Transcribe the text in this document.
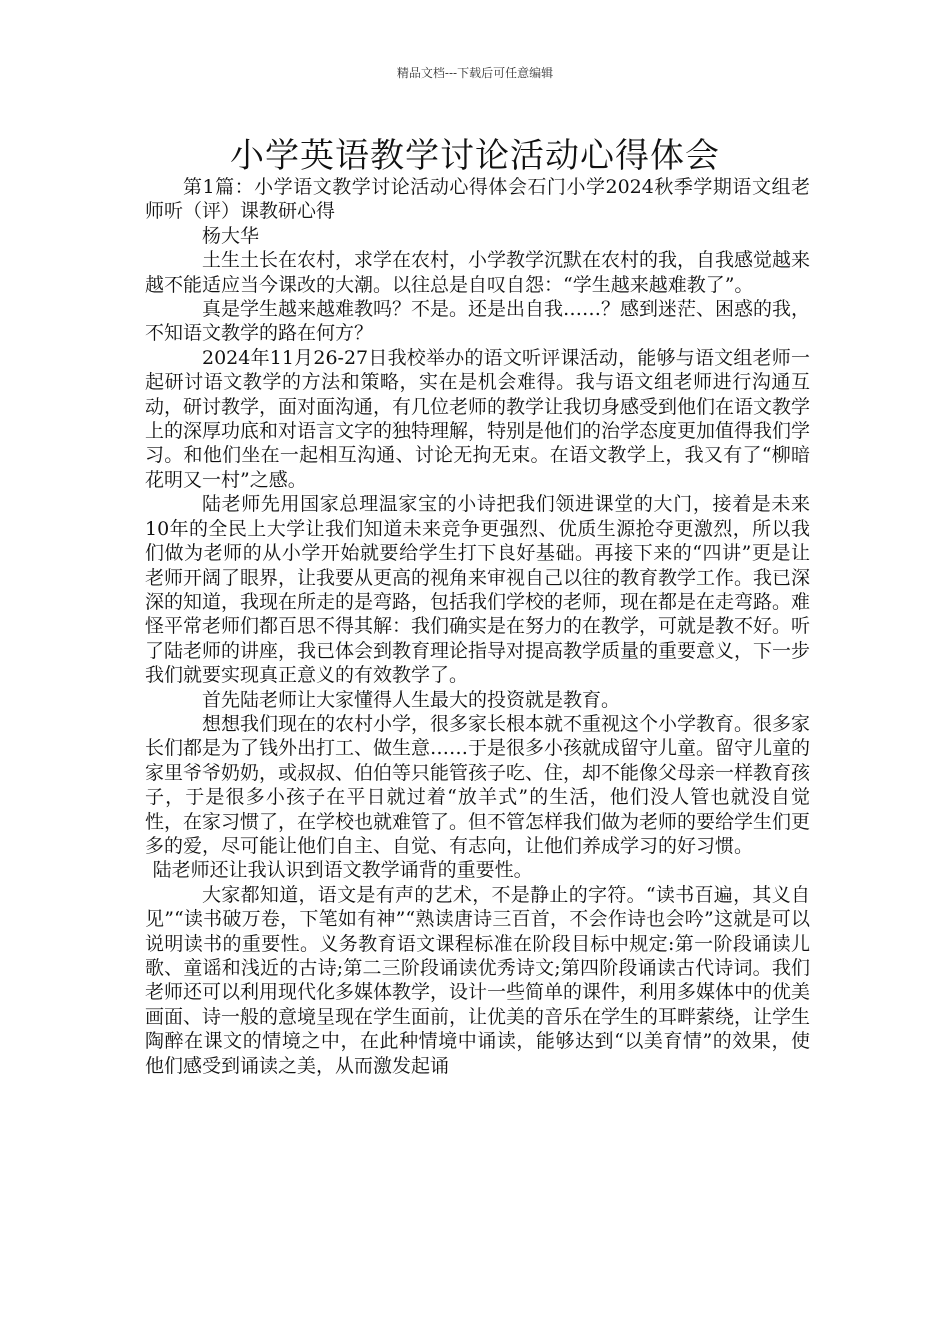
精品文档---下载后可任意编辑
小学英语教学讨论活动心得体会

第1篇：小学语文教学讨论活动心得体会石门小学2024秋季学期语文组老师听（评）课教研心得

杨大华

土生土长在农村，求学在农村，小学教学沉默在农村的我，自我感觉越来越不能适应当今课改的大潮。以往总是自叹自怨：“学生越来越难教了”。

真是学生越来越难教吗？不是。还是出自我……？感到迷茫、困惑的我，不知语文教学的路在何方？

2024年11月26-27日我校举办的语文听评课活动，能够与语文组老师一起研讨语文教学的方法和策略，实在是机会难得。我与语文组老师进行沟通互动，研讨教学，面对面沟通，有几位老师的教学让我切身感受到他们在语文教学上的深厚功底和对语言文字的独特理解，特别是他们的治学态度更加值得我们学习。和他们坐在一起相互沟通、讨论无拘无束。在语文教学上，我又有了“柳暗花明又一村”之感。

陆老师先用国家总理温家宝的小诗把我们领进课堂的大门，接着是未来10年的全民上大学让我们知道未来竞争更强烈、优质生源抢夺更激烈，所以我们做为老师的从小学开始就要给学生打下良好基础。再接下来的“四讲”更是让老师开阔了眼界，让我要从更高的视角来审视自己以往的教育教学工作。我已深深的知道，我现在所走的是弯路，包括我们学校的老师，现在都是在走弯路。难怪平常老师们都百思不得其解：我们确实是在努力的在教学，可就是教不好。听了陆老师的讲座，我已体会到教育理论指导对提高教学质量的重要意义，下一步我们就要实现真正意义的有效教学了。

首先陆老师让大家懂得人生最大的投资就是教育。

想想我们现在的农村小学，很多家长根本就不重视这个小学教育。很多家长们都是为了钱外出打工、做生意……于是很多小孩就成留守儿童。留守儿童的家里爷爷奶奶，或叔叔、伯伯等只能管孩子吃、住，却不能像父母亲一样教育孩子，于是很多小孩子在平日就过着“放羊式”的生活，他们没人管也就没自觉性，在家习惯了，在学校也就难管了。但不管怎样我们做为老师的要给学生们更多的爱，尽可能让他们自主、自觉、有志向，让他们养成学习的好习惯。

陆老师还让我认识到语文教学诵背的重要性。

大家都知道，语文是有声的艺术，不是静止的字符。“读书百遍，其义自见”“读书破万卷，下笔如有神”“熟读唐诗三百首，不会作诗也会吟”这就是可以说明读书的重要性。义务教育语文课程标准在阶段目标中规定:第一阶段诵读儿歌、童谣和浅近的古诗;第二三阶段诵读优秀诗文;第四阶段诵读古代诗词。我们老师还可以利用现代化多媒体教学，设计一些简单的课件，利用多媒体中的优美画面、诗一般的意境呈现在学生面前，让优美的音乐在学生的耳畔萦绕，让学生陶醉在课文的情境之中，在此种情境中诵读，能够达到“以美育情”的效果，使他们感受到诵读之美，从而激发起诵
